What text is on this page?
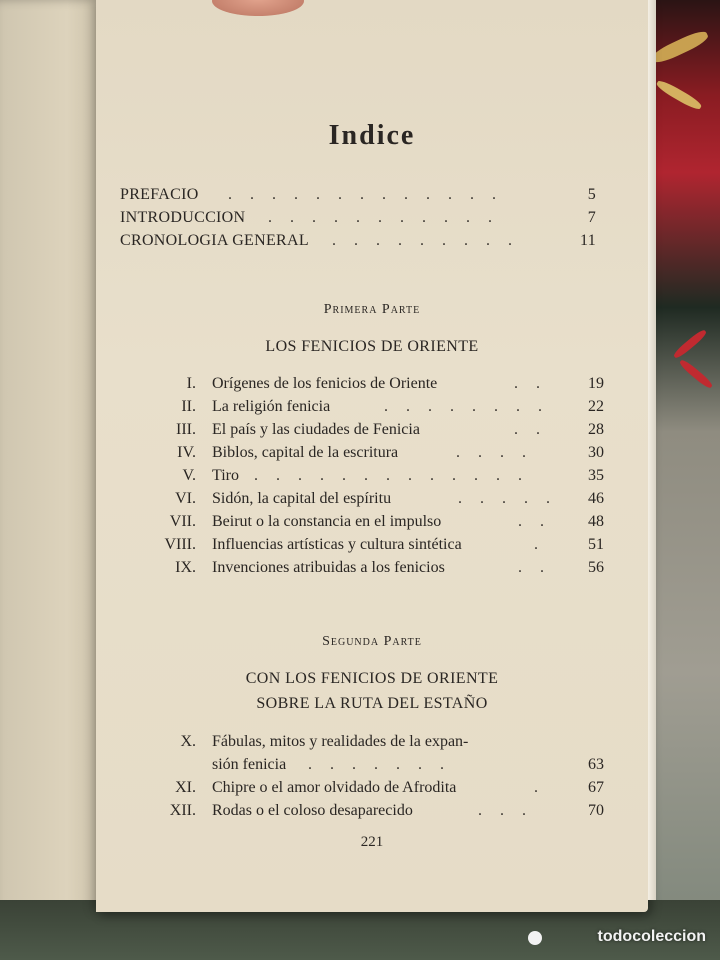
Indice
PREFACIO . . . . . . . . . . . . .	5
INTRODUCCION . . . . . . . . . . .	7
CRONOLOGIA GENERAL . . . . . . . . .	11
Primera Parte
LOS FENICIOS DE ORIENTE
I. Orígenes de los fenicios de Oriente	. .	19
II. La religión fenicia	. . . . . . . . 22
III. El país y las ciudades de Fenicia	. .	28
IV. Biblos, capital de la escritura	. . . .	30
V. Tiro . . . . . . . . . . . . .	35
VI. Sidón, la capital del espíritu	. . . . . 46
VII. Beirut o la constancia en el impulso	. . 48
VIII. Influencias artísticas y cultura sintética	.	51
IX. Invenciones atribuidas a los fenicios	. . 56
Segunda Parte
CON LOS FENICIOS DE ORIENTE
SOBRE LA RUTA DEL ESTAÑO
X. Fábulas, mitos y realidades de la expan-
sión fenicia . . . . . . .	63
XI. Chipre o el amor olvidado de Afrodita	.	67
XII. Rodas o el coloso desaparecido	. . .	70
221
todocoleccion
